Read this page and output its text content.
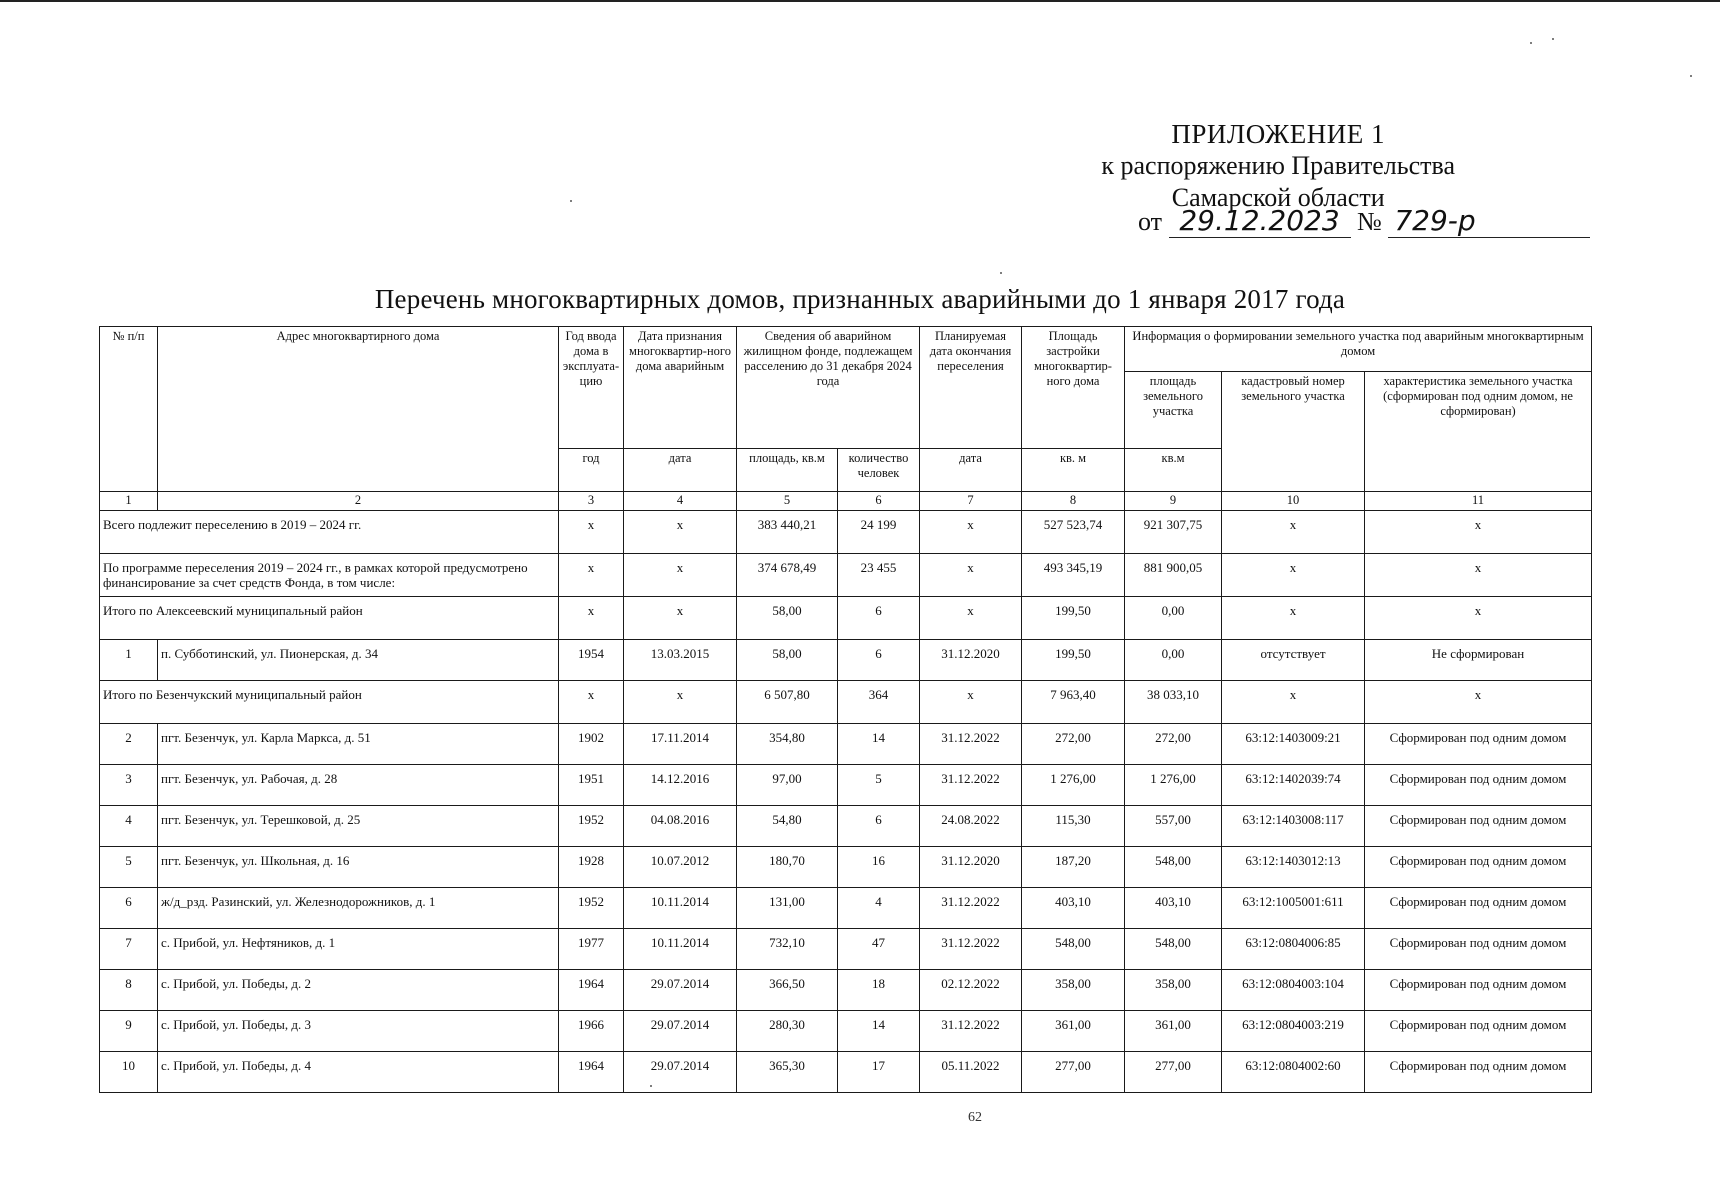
ПРИЛОЖЕНИЕ 1
к распоряжению Правительства
Самарской области
от 29.12.2023 № 729-р
Перечень многоквартирных домов, признанных аварийными до 1 января 2017 года
№ п/п	Адрес многоквартирного дома	Год ввода дома в эксплуата-цию	Дата признания многоквартир-ного дома аварийным	Сведения об аварийном жилищном фонде, подлежащем расселению до 31 декабря 2024 года		Планируемая дата окончания переселения	Площадь застройки многоквартир-ного дома	Информация о формировании земельного участка под аварийным многоквартирным домом		
								площадь земельного участка	кадастровый номер земельного участка	характеристика земельного участка (сформирован под одним домом, не сформирован)
		год	дата	площадь, кв.м	количество человек	дата	кв. м	кв.м		
1	2	3	4	5	6	7	8	9	10	11
Всего подлежит переселению в 2019 – 2024 гг.		х	х	383 440,21	24 199	х	527 523,74	921 307,75	х	х
По программе переселения 2019 – 2024 гг., в рамках которой предусмотрено финансирование за счет средств Фонда, в том числе:		х	х	374 678,49	23 455	х	493 345,19	881 900,05	х	х
Итого по Алексеевский муниципальный район		х	х	58,00	6	х	199,50	0,00	х	х
1	п. Субботинский, ул. Пионерская, д. 34	1954	13.03.2015	58,00	6	31.12.2020	199,50	0,00	отсутствует	Не сформирован
Итого по Безенчукский муниципальный район		х	х	6 507,80	364	х	7 963,40	38 033,10	х	х
2	пгт. Безенчук, ул. Карла Маркса, д. 51	1902	17.11.2014	354,80	14	31.12.2022	272,00	272,00	63:12:1403009:21	Сформирован под одним домом
3	пгт. Безенчук, ул. Рабочая, д. 28	1951	14.12.2016	97,00	5	31.12.2022	1 276,00	1 276,00	63:12:1402039:74	Сформирован под одним домом
4	пгт. Безенчук, ул. Терешковой, д. 25	1952	04.08.2016	54,80	6	24.08.2022	115,30	557,00	63:12:1403008:117	Сформирован под одним домом
5	пгт. Безенчук, ул. Школьная, д. 16	1928	10.07.2012	180,70	16	31.12.2020	187,20	548,00	63:12:1403012:13	Сформирован под одним домом
6	ж/д_рзд. Разинский, ул. Железнодорожников, д. 1	1952	10.11.2014	131,00	4	31.12.2022	403,10	403,10	63:12:1005001:611	Сформирован под одним домом
7	с. Прибой, ул. Нефтяников, д. 1	1977	10.11.2014	732,10	47	31.12.2022	548,00	548,00	63:12:0804006:85	Сформирован под одним домом
8	с. Прибой, ул. Победы, д. 2	1964	29.07.2014	366,50	18	02.12.2022	358,00	358,00	63:12:0804003:104	Сформирован под одним домом
9	с. Прибой, ул. Победы, д. 3	1966	29.07.2014	280,30	14	31.12.2022	361,00	361,00	63:12:0804003:219	Сформирован под одним домом
10	с. Прибой, ул. Победы, д. 4	1964	29.07.2014	365,30	17	05.11.2022	277,00	277,00	63:12:0804002:60	Сформирован под одним домом
62
